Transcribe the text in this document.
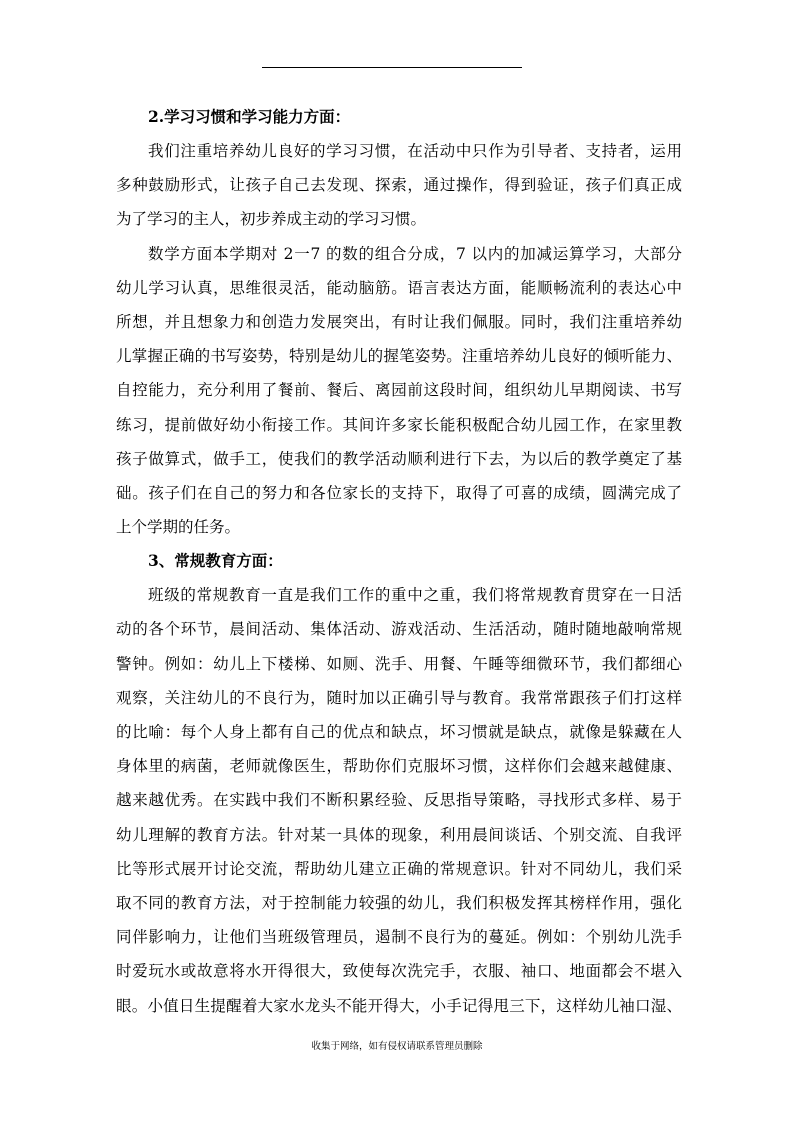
2.学习习惯和学习能力方面：
我们注重培养幼儿良好的学习习惯，在活动中只作为引导者、支持者，运用
多种鼓励形式，让孩子自己去发现、探索，通过操作，得到验证，孩子们真正成
为了学习的主人，初步养成主动的学习习惯。
数学方面本学期对 2一7 的数的组合分成，7 以内的加减运算学习，大部分
幼儿学习认真，思维很灵活，能动脑筋。语言表达方面，能顺畅流利的表达心中
所想，并且想象力和创造力发展突出，有时让我们佩服。同时，我们注重培养幼
儿掌握正确的书写姿势，特别是幼儿的握笔姿势。注重培养幼儿良好的倾听能力、
自控能力，充分利用了餐前、餐后、离园前这段时间，组织幼儿早期阅读、书写
练习，提前做好幼小衔接工作。其间许多家长能积极配合幼儿园工作，在家里教
孩子做算式，做手工，使我们的教学活动顺利进行下去，为以后的教学奠定了基
础。孩子们在自己的努力和各位家长的支持下，取得了可喜的成绩，圆满完成了
上个学期的任务。
3、常规教育方面：
班级的常规教育一直是我们工作的重中之重，我们将常规教育贯穿在一日活
动的各个环节，晨间活动、集体活动、游戏活动、生活活动，随时随地敲响常规
警钟。例如：幼儿上下楼梯、如厕、洗手、用餐、午睡等细微环节，我们都细心
观察，关注幼儿的不良行为，随时加以正确引导与教育。我常常跟孩子们打这样
的比喻：每个人身上都有自己的优点和缺点，坏习惯就是缺点，就像是躲藏在人
身体里的病菌，老师就像医生，帮助你们克服坏习惯，这样你们会越来越健康、
越来越优秀。在实践中我们不断积累经验、反思指导策略，寻找形式多样、易于
幼儿理解的教育方法。针对某一具体的现象，利用晨间谈话、个别交流、自我评
比等形式展开讨论交流，帮助幼儿建立正确的常规意识。针对不同幼儿，我们采
取不同的教育方法，对于控制能力较强的幼儿，我们积极发挥其榜样作用，强化
同伴影响力，让他们当班级管理员，遏制不良行为的蔓延。例如：个别幼儿洗手
时爱玩水或故意将水开得很大，致使每次洗完手，衣服、袖口、地面都会不堪入
眼。小值日生提醒着大家水龙头不能开得大，小手记得甩三下，这样幼儿袖口湿、
收集于网络，如有侵权请联系管理员删除
